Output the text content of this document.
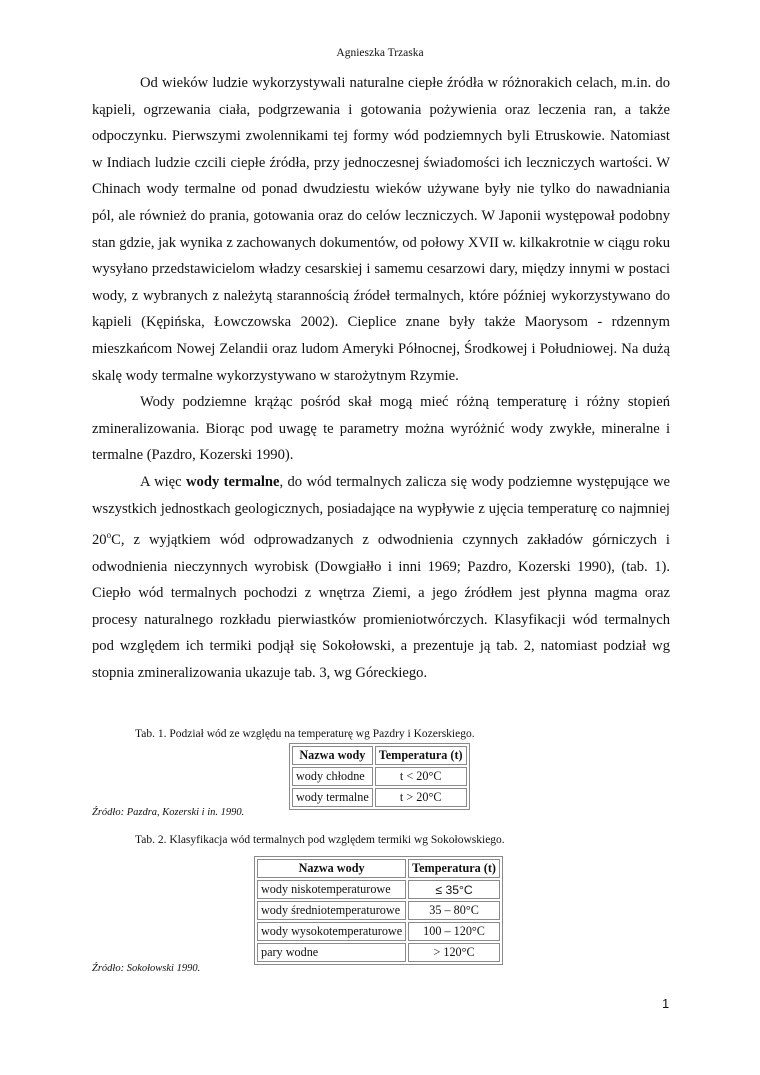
Agnieszka Trzaska

Od wieków ludzie wykorzystywali naturalne ciepłe źródła w różnorakich celach, m.in. do kąpieli, ogrzewania ciała, podgrzewania i gotowania pożywienia oraz leczenia ran, a także odpoczynku. Pierwszymi zwolennikami tej formy wód podziemnych byli Etruskowie. Natomiast w Indiach ludzie czcili ciepłe źródła, przy jednoczesnej świadomości ich leczniczych wartości. W Chinach wody termalne od ponad dwudziestu wieków używane były nie tylko do nawadniania pól, ale również do prania, gotowania oraz do celów leczniczych. W Japonii występował podobny stan gdzie, jak wynika z zachowanych dokumentów, od połowy XVII w. kilkakrotnie w ciągu roku wysyłano przedstawicielom władzy cesarskiej i samemu cesarzowi dary, między innymi w postaci wody, z wybranych z należytą starannością źródeł termalnych, które później wykorzystywano do kąpieli (Kępińska, Łowczowska 2002). Cieplice znane były także Maorysom - rdzennym mieszkańcom Nowej Zelandii oraz ludom Ameryki Północnej, Środkowej i Południowej. Na dużą skalę wody termalne wykorzystywano w starożytnym Rzymie.

Wody podziemne krążąc pośród skał mogą mieć różną temperaturę i różny stopień zmineralizowania. Biorąc pod uwagę te parametry można wyróżnić wody zwykłe, mineralne i termalne (Pazdro, Kozerski 1990).

A więc wody termalne, do wód termalnych zalicza się wody podziemne występujące we wszystkich jednostkach geologicznych, posiadające na wypływie z ujęcia temperaturę co najmniej 20$^o$C, z wyjątkiem wód odprowadzanych z odwodnienia czynnych zakładów górniczych i odwodnienia nieczynnych wyrobisk (Dowgiałło i inni 1969; Pazdro, Kozerski 1990), (tab. 1). Ciepło wód termalnych pochodzi z wnętrza Ziemi, a jego źródłem jest płynna magma oraz procesy naturalnego rozkładu pierwiastków promieniotwórczych. Klasyfikacji wód termalnych pod względem ich termiki podjął się Sokołowski, a prezentuje ją tab. 2, natomiast podział wg stopnia zmineralizowania ukazuje tab. 3, wg Góreckiego.

Tab. 1. Podział wód ze względu na temperaturę wg Pazdry i Kozerskiego.
Nazwa wody	Temperatura (t)
wody chłodne	t < 20°C
wody termalne	t > 20°C
Źródło: Pazdra, Kozerski i in. 1990.
Tab. 2. Klasyfikacja wód termalnych pod względem termiki wg Sokołowskiego.
Nazwa wody	Temperatura (t)
wody niskotemperaturowe	≤ 35°C
wody średniotemperaturowe	35 – 80°C
wody wysokotemperaturowe	100 – 120°C
pary wodne	> 120°C
Źródło: Sokołowski 1990.
1
